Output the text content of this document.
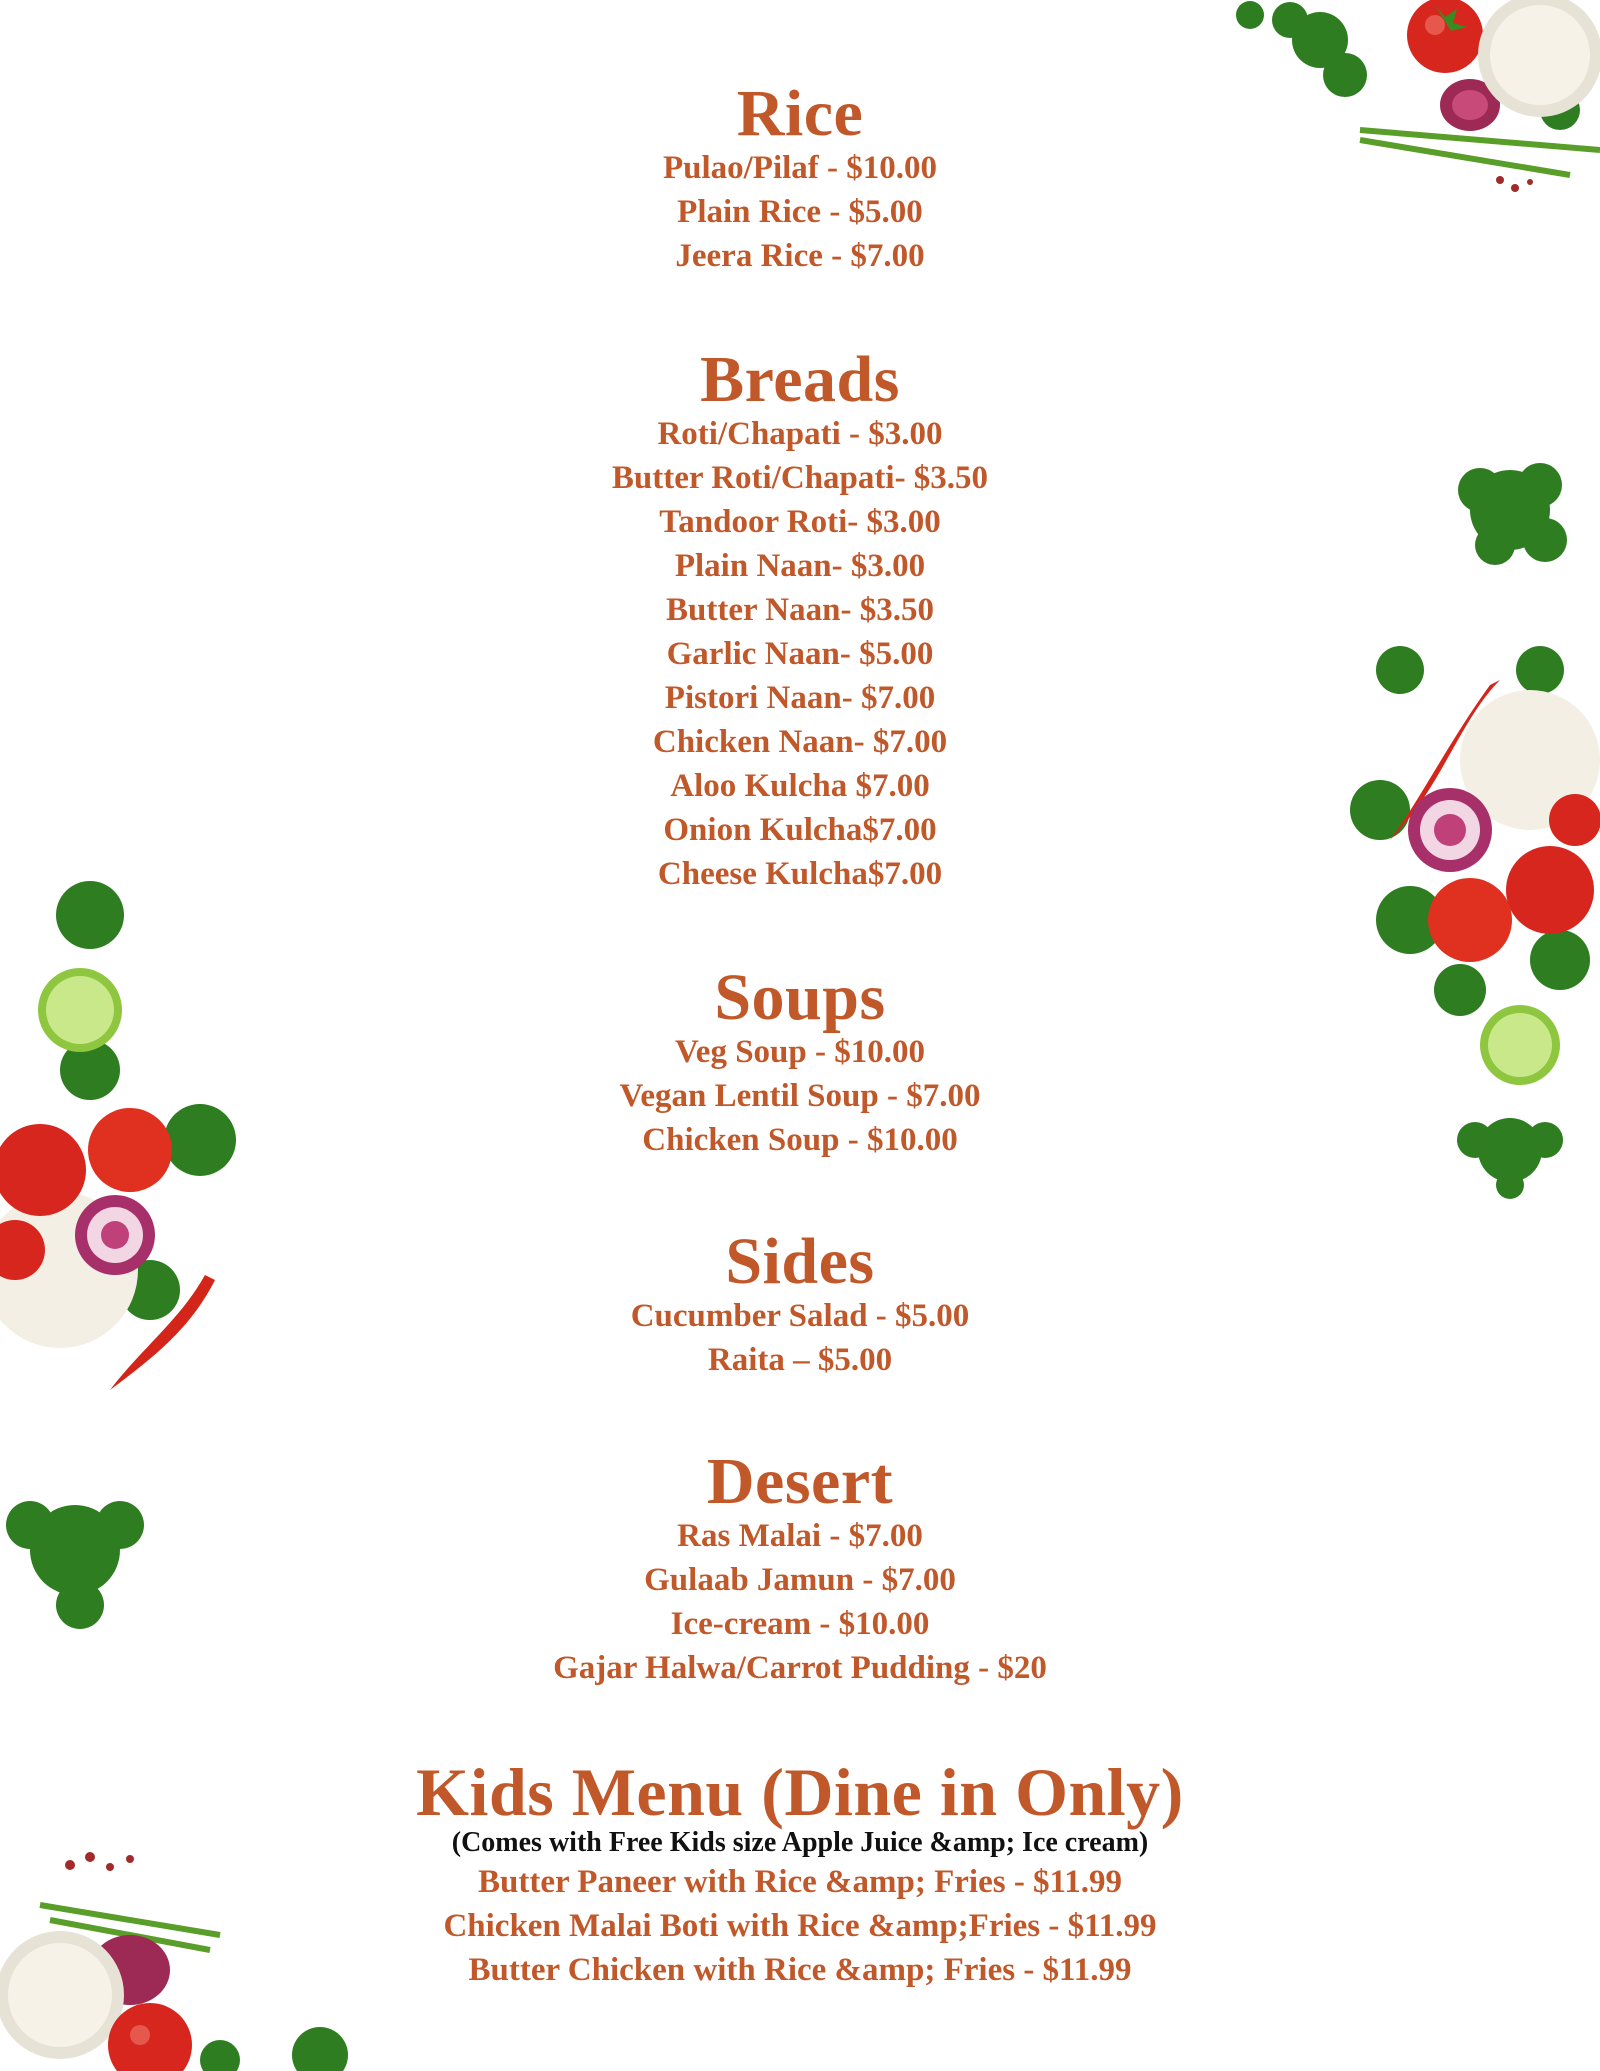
Rice
Pulao/Pilaf - $10.00
Plain Rice - $5.00
Jeera Rice - $7.00
Breads
Roti/Chapati - $3.00
Butter Roti/Chapati- $3.50
Tandoor Roti- $3.00
Plain Naan- $3.00
Butter Naan- $3.50
Garlic Naan- $5.00
Pistori Naan- $7.00
Chicken Naan- $7.00
Aloo Kulcha $7.00
Onion Kulcha$7.00
Cheese Kulcha$7.00
Soups
Veg Soup - $10.00
Vegan Lentil Soup - $7.00
Chicken Soup - $10.00
Sides
Cucumber Salad - $5.00
Raita – $5.00
Desert
Ras Malai - $7.00
Gulaab Jamun - $7.00
Ice-cream - $10.00
Gajar Halwa/Carrot Pudding - $20
Kids Menu (Dine in Only)
(Comes with Free Kids size Apple Juice &amp; Ice cream)
Butter Paneer with Rice &amp; Fries - $11.99
Chicken Malai Boti with Rice &amp;Fries - $11.99
Butter Chicken with Rice &amp; Fries - $11.99
